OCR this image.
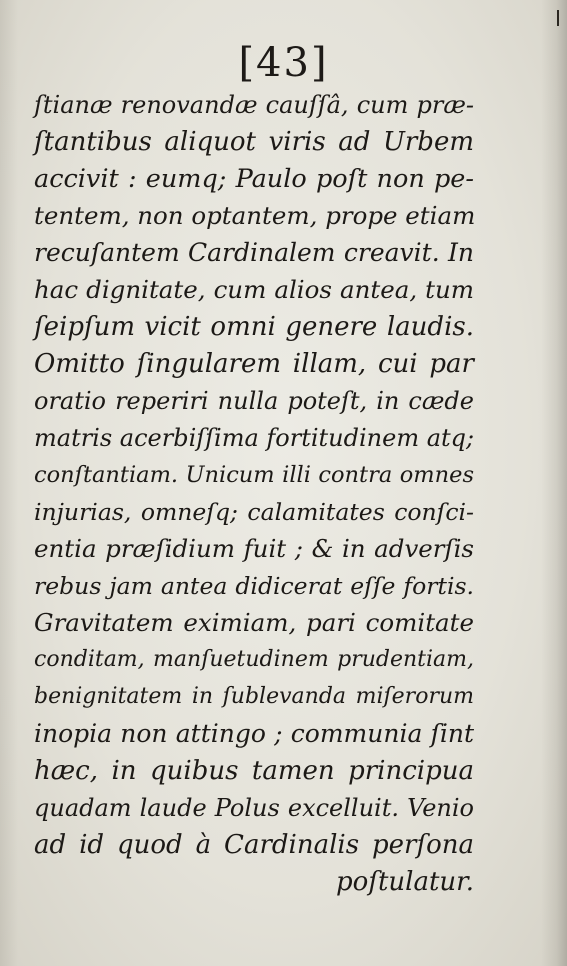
[43]
ſtianæ renovandæ cauſſâ, cum præ-
ſtantibus aliquot viris ad Urbem
accivit : eumq; Paulo poſt non pe-
tentem, non optantem, prope etiam
recuſantem Cardinalem creavit. In
hac dignitate, cum alios antea, tum
ſeipſum vicit omni genere laudis.
Omitto ſingularem illam, cui par
oratio reperiri nulla poteſt, in cæde
matris acerbiſſima fortitudinem atq;
conſtantiam. Unicum illi contra omnes
injurias, omneſq; calamitates conſci-
entia præſidium fuit ; & in adverſis
rebus jam antea didicerat eſſe fortis.
Gravitatem eximiam, pari comitate
conditam, manſuetudinem prudentiam,
benignitatem in ſublevanda miſerorum
inopia non attingo ; communia ſint
hæc, in quibus tamen principua
quadam laude Polus excelluit. Venio
ad id quod à Cardinalis perſona
poſtulatur.
